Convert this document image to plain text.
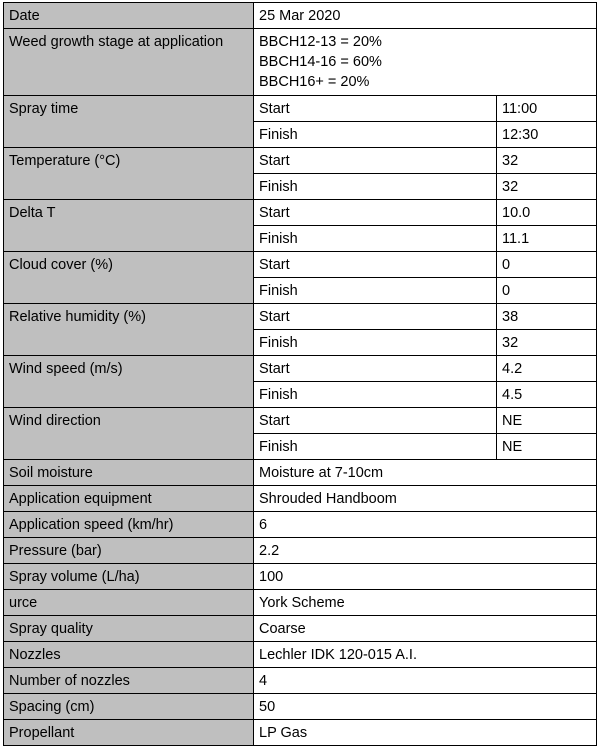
Date	25 Mar 2020	
Weed growth stage at application	BBCH12-13 = 20%
BBCH14-16 = 60%
BBCH16+ = 20%	

Spray time	Start	11:00
	Finish	12:30
Temperature (°C)	Start	32
	Finish	32
Delta T	Start	10.0
	Finish	11.1
Cloud cover (%)	Start	0
	Finish	0
Relative humidity (%)	Start	38
	Finish	32
Wind speed (m/s)	Start	4.2
	Finish	4.5
Wind direction	Start	NE
	Finish	NE
Soil moisture	Moisture at 7-10cm	
Application equipment	Shrouded Handboom	
Application speed (km/hr)	6	
Pressure (bar)	2.2	
Spray volume (L/ha)	100	
urce	York Scheme	
Spray quality	Coarse	
Nozzles	Lechler IDK 120-015 A.I.	
Number of nozzles	4	
Spacing (cm)	50	
Propellant	LP Gas	
